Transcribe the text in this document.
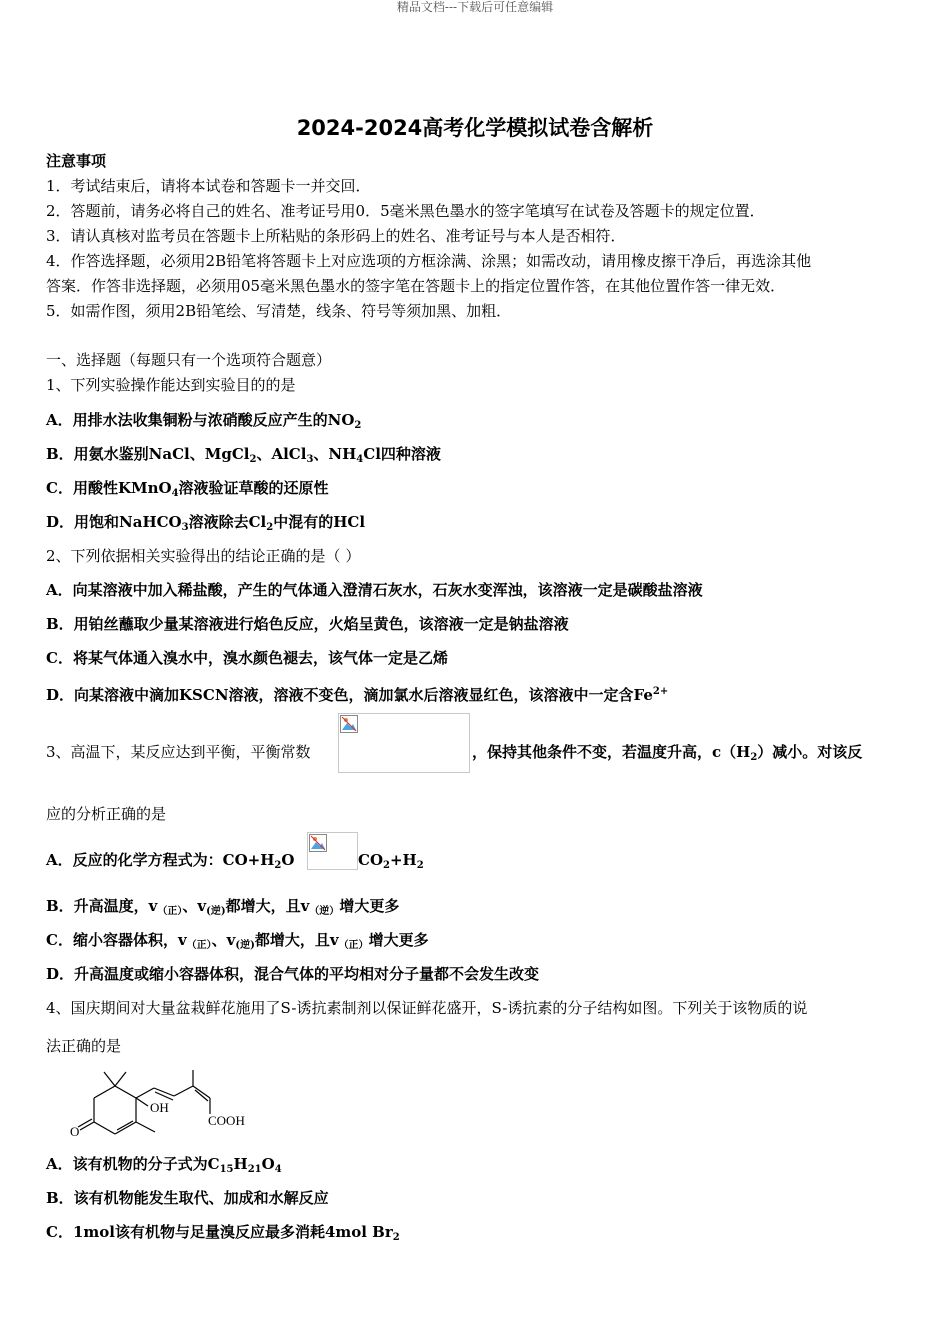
精品文档---下载后可任意编辑
2024-2024高考化学模拟试卷含解析
注意事项
1．考试结束后，请将本试卷和答题卡一并交回．
2．答题前，请务必将自己的姓名、准考证号用0．5毫米黑色墨水的签字笔填写在试卷及答题卡的规定位置．
3．请认真核对监考员在答题卡上所粘贴的条形码上的姓名、准考证号与本人是否相符．
4．作答选择题，必须用2B铅笔将答题卡上对应选项的方框涂满、涂黑；如需改动，请用橡皮擦干净后，再选涂其他
答案．作答非选择题，必须用05毫米黑色墨水的签字笔在答题卡上的指定位置作答，在其他位置作答一律无效．
5．如需作图，须用2B铅笔绘、写清楚，线条、符号等须加黑、加粗．
一、选择题（每题只有一个选项符合题意）
1、下列实验操作能达到实验目的的是
A．用排水法收集铜粉与浓硝酸反应产生的$NO_2$
B．用氨水鉴别NaCl、MgCl$_2$、AlCl$_3$、$NH_4Cl$四种溶液
C．用酸性KMnO$_4$溶液验证草酸的还原性
D．用饱和NaHCO$_3$溶液除去$Cl_2$中混有的HCl
2、下列依据相关实验得出的结论正确的是（ ）
A．向某溶液中加入稀盐酸，产生的气体通入澄清石灰水，石灰水变浑浊，该溶液一定是碳酸盐溶液
B．用铂丝蘸取少量某溶液进行焰色反应，火焰呈黄色，该溶液一定是钠盐溶液
C．将某气体通入溴水中，溴水颜色褪去，该气体一定是乙烯
D．向某溶液中滴加KSCN溶液，溶液不变色，滴加氯水后溶液显红色，该溶液中一定含$Fe^{2+}$
3、高温下，某反应达到平衡，平衡常数	，保持其他条件不变，若温度升高，$c(H_2)$减小。对该反
应的分析正确的是
A．反应的化学方程式为：$CO+H_2O$	$CO_2+H_2$
B．升高温度，$v_{(正)}$、$v_{(逆)}$都增大，且$v_{(逆)}$增大更多
C．缩小容器体积，$v_{(正)}$、$v_{(逆)}$都增大，且$v_{(正)}$增大更多
D．升高温度或缩小容器体积，混合气体的平均相对分子量都不会发生改变
4、国庆期间对大量盆栽鲜花施用了S-诱抗素制剂以保证鲜花盛开，S-诱抗素的分子结构如图。下列关于该物质的说
法正确的是
OH
O
COOH
A．该有机物的分子式为$C_{15}H_{21}O_4$
B．该有机物能发生取代、加成和水解反应
C．1mol该有机物与足量溴反应最多消耗4mol $Br_2$
